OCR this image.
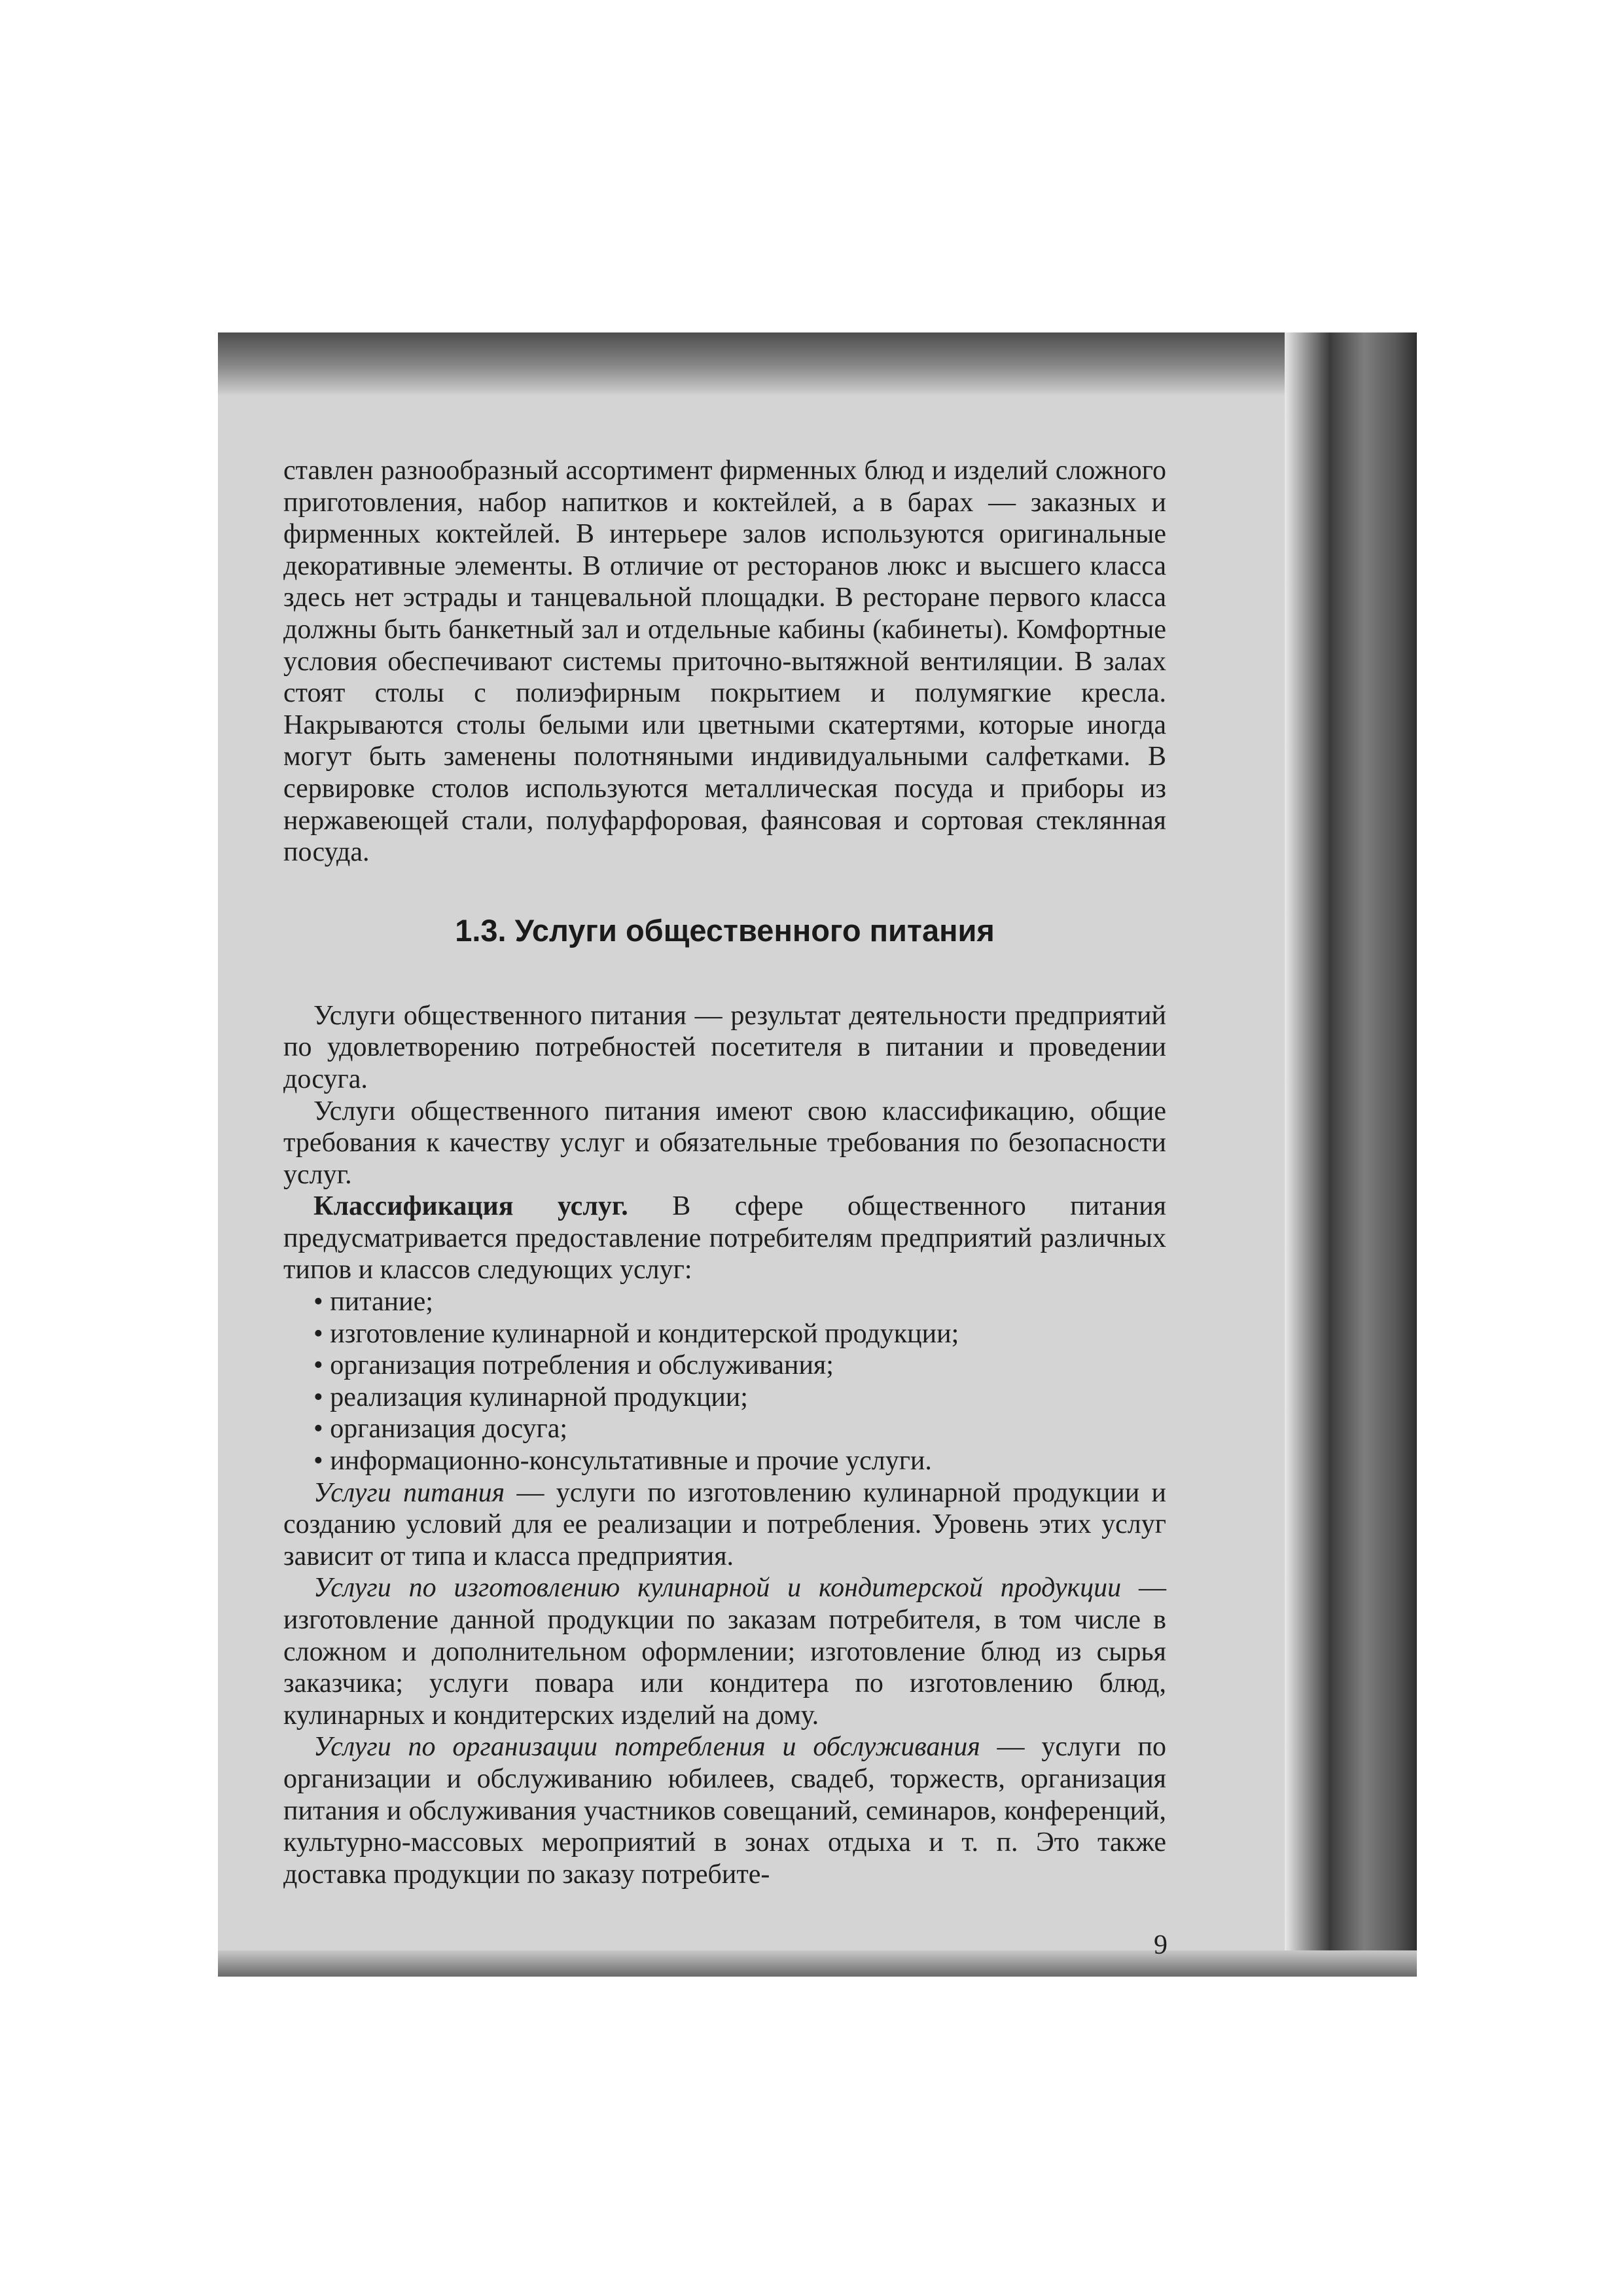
ставлен разнообразный ассортимент фирменных блюд и изделий сложного приготовления, набор напитков и коктейлей, а в барах — заказных и фирменных коктейлей. В интерьере залов используются оригинальные декоративные элементы. В отличие от ресторанов люкс и высшего класса здесь нет эстрады и танцевальной площадки. В ресторане первого класса должны быть банкетный зал и отдельные кабины (кабинеты). Комфортные условия обеспечивают системы приточно-вытяжной вентиляции. В залах стоят столы с полиэфирным покрытием и полумягкие кресла. Накрываются столы белыми или цветными скатертями, которые иногда могут быть заменены полотняными индивидуальными салфетками. В сервировке столов используются металлическая посуда и приборы из нержавеющей стали, полуфарфоровая, фаянсовая и сортовая стеклянная посуда.

1.3. Услуги общественного питания

Услуги общественного питания — результат деятельности предприятий по удовлетворению потребностей посетителя в питании и проведении досуга.

Услуги общественного питания имеют свою классификацию, общие требования к качеству услуг и обязательные требования по безопасности услуг.

Классификация услуг. В сфере общественного питания предусматривается предоставление потребителям предприятий различных типов и классов следующих услуг:

• питание;
• изготовление кулинарной и кондитерской продукции;
• организация потребления и обслуживания;
• реализация кулинарной продукции;
• организация досуга;
• информационно-консультативные и прочие услуги.

Услуги питания — услуги по изготовлению кулинарной продукции и созданию условий для ее реализации и потребления. Уровень этих услуг зависит от типа и класса предприятия.

Услуги по изготовлению кулинарной и кондитерской продукции — изготовление данной продукции по заказам потребителя, в том числе в сложном и дополнительном оформлении; изготовление блюд из сырья заказчика; услуги повара или кондитера по изготовлению блюд, кулинарных и кондитерских изделий на дому.

Услуги по организации потребления и обслуживания — услуги по организации и обслуживанию юбилеев, свадеб, торжеств, организация питания и обслуживания участников совещаний, семинаров, конференций, культурно-массовых мероприятий в зонах отдыха и т. п. Это также доставка продукции по заказу потребите-

9
